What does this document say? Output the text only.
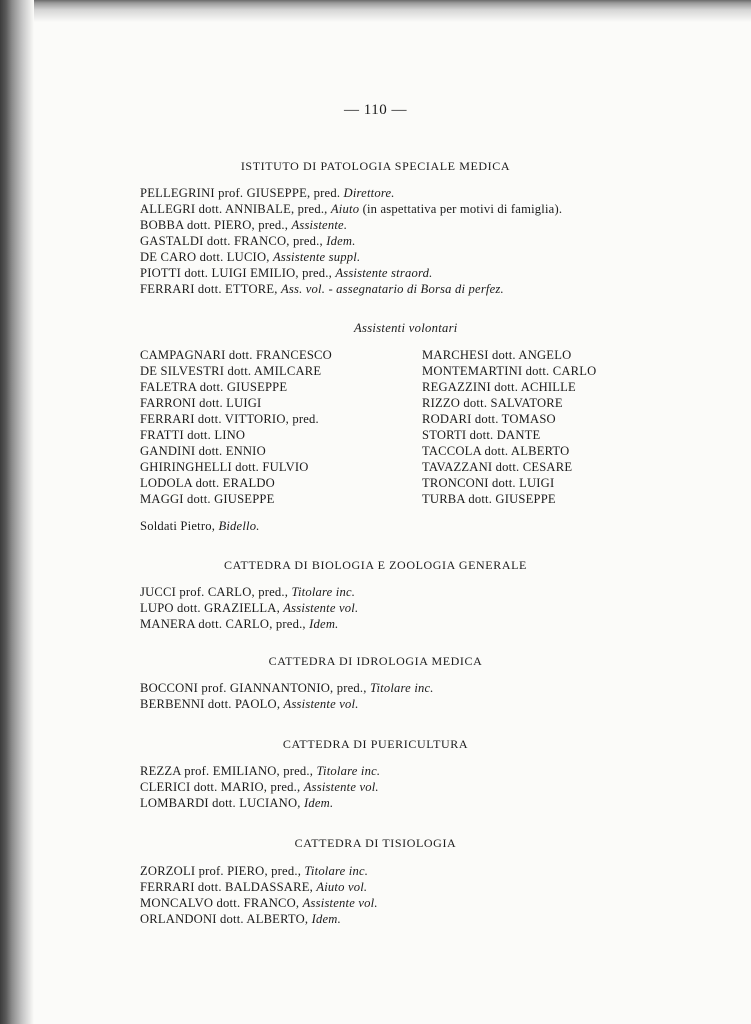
— 110 —
ISTITUTO DI PATOLOGIA SPECIALE MEDICA
PELLEGRINI prof. GIUSEPPE, pred. Direttore.
ALLEGRI dott. ANNIBALE, pred., Aiuto (in aspettativa per motivi di famiglia).
BOBBA dott. PIERO, pred., Assistente.
GASTALDI dott. FRANCO, pred., Idem.
DE CARO dott. LUCIO, Assistente suppl.
PIOTTI dott. LUIGI EMILIO, pred., Assistente straord.
FERRARI dott. ETTORE, Ass. vol. - assegnatario di Borsa di perfez.
Assistenti volontari
CAMPAGNARI dott. FRANCESCO
DE SILVESTRI dott. AMILCARE
FALETRA dott. GIUSEPPE
FARRONI dott. LUIGI
FERRARI dott. VITTORIO, pred.
FRATTI dott. LINO
GANDINI dott. ENNIO
GHIRINGHELLI dott. FULVIO
LODOLA dott. ERALDO
MAGGI dott. GIUSEPPE
MARCHESI dott. ANGELO
MONTEMARTINI dott. CARLO
REGAZZINI dott. ACHILLE
RIZZO dott. SALVATORE
RODARI dott. TOMASO
STORTI dott. DANTE
TACCOLA dott. ALBERTO
TAVAZZANI dott. CESARE
TRONCONI dott. LUIGI
TURBA dott. GIUSEPPE
Soldati Pietro, Bidello.
CATTEDRA DI BIOLOGIA E ZOOLOGIA GENERALE
JUCCI prof. CARLO, pred., Titolare inc.
LUPO dott. GRAZIELLA, Assistente vol.
MANERA dott. CARLO, pred., Idem.
CATTEDRA DI IDROLOGIA MEDICA
BOCCONI prof. GIANNANTONIO, pred., Titolare inc.
BERBENNI dott. PAOLO, Assistente vol.
CATTEDRA DI PUERICULTURA
REZZA prof. EMILIANO, pred., Titolare inc.
CLERICI dott. MARIO, pred., Assistente vol.
LOMBARDI dott. LUCIANO, Idem.
CATTEDRA DI TISIOLOGIA
ZORZOLI prof. PIERO, pred., Titolare inc.
FERRARI dott. BALDASSARE, Aiuto vol.
MONCALVO dott. FRANCO, Assistente vol.
ORLANDONI dott. ALBERTO, Idem.
